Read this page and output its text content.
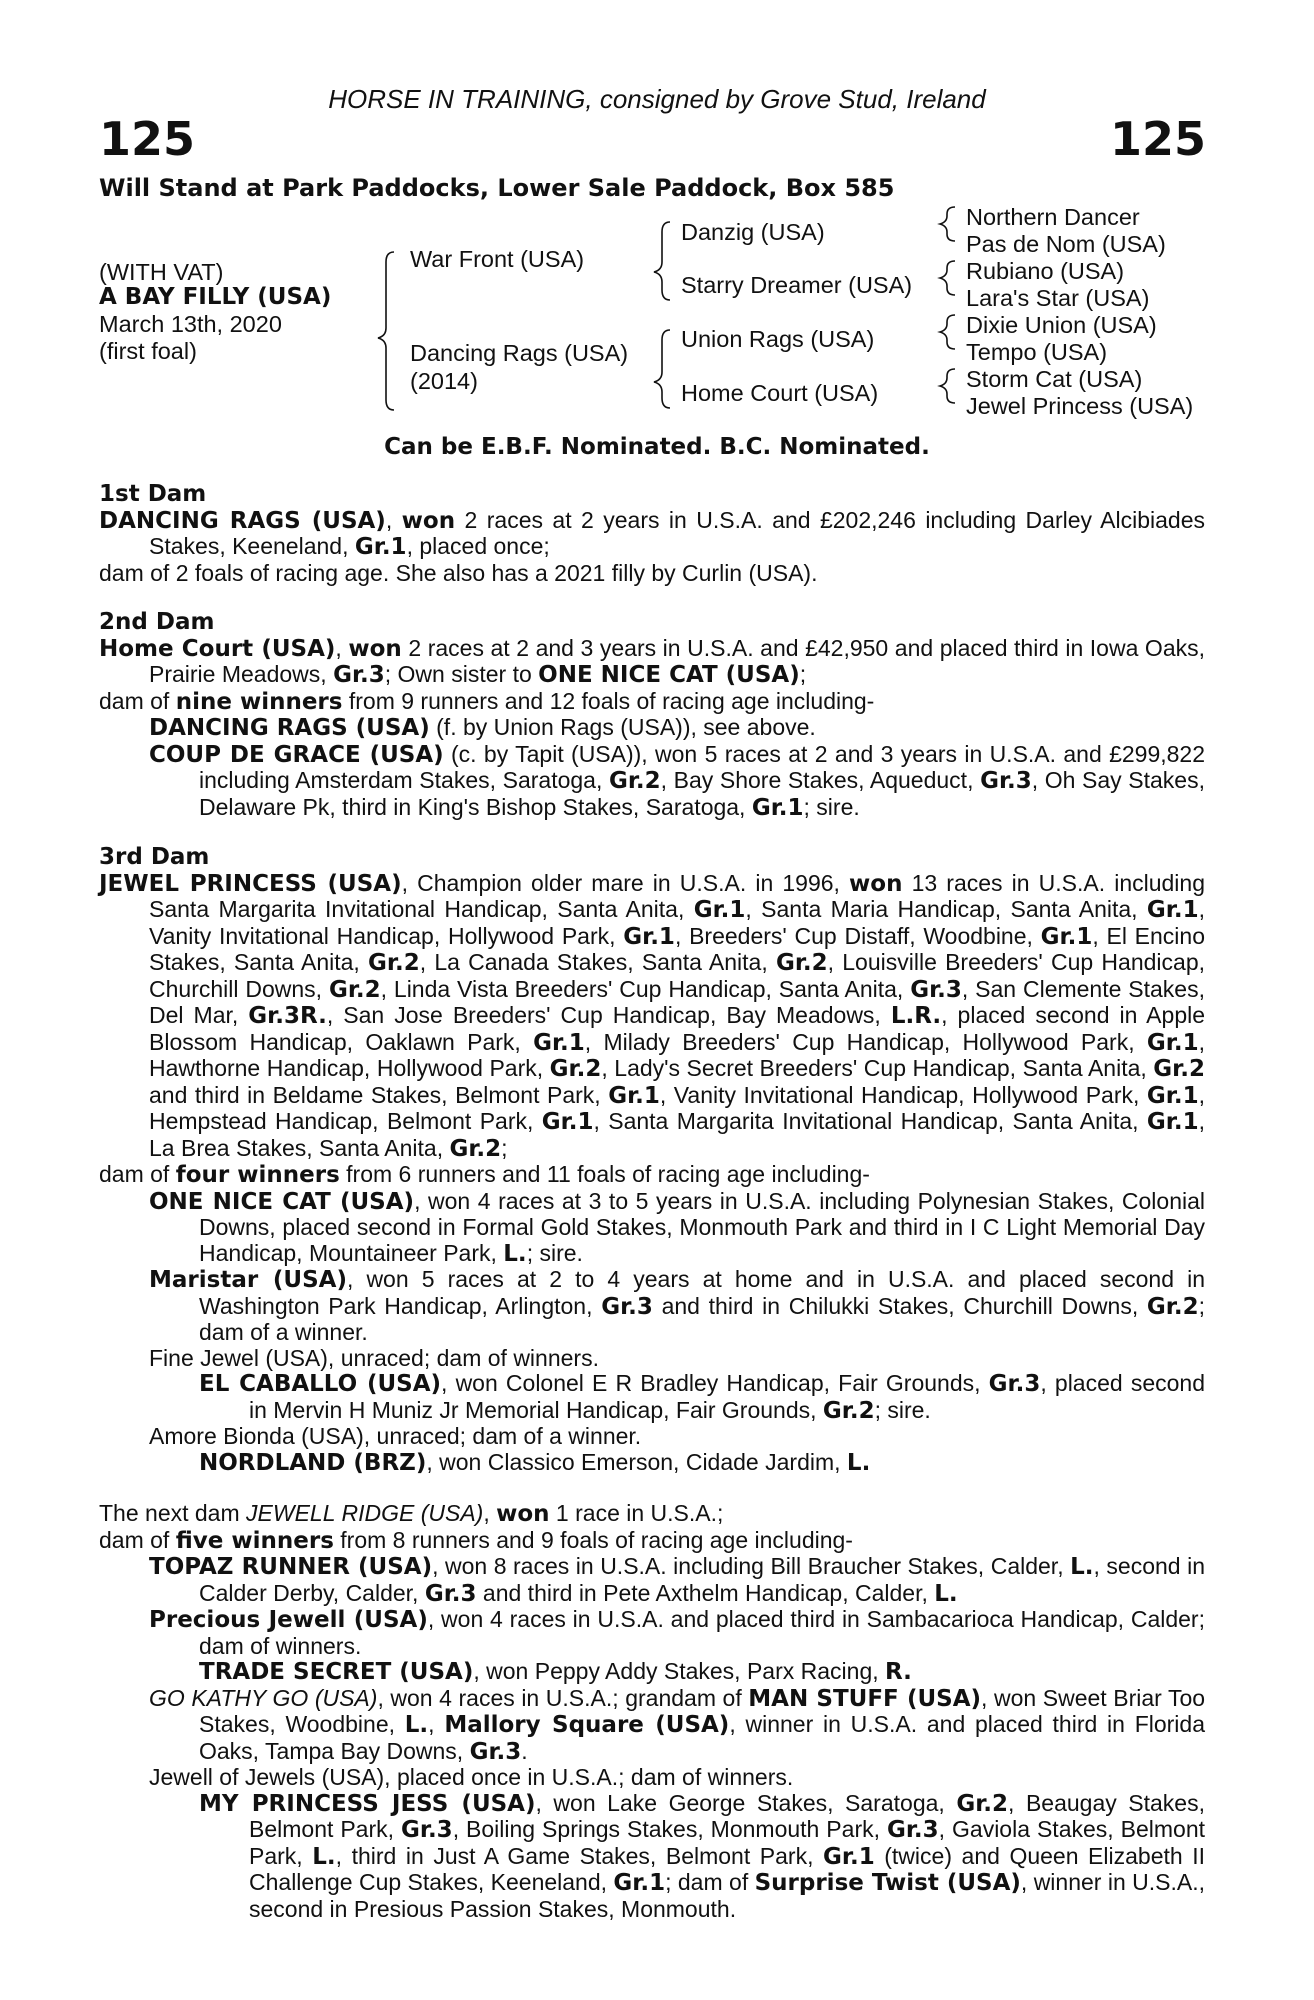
HORSE IN TRAINING, consigned by Grove Stud, Ireland
125	125
Will Stand at Park Paddocks, Lower Sale Paddock, Box 585
(WITH VAT)
A BAY FILLY (USA)
March 13th, 2020
(first foal)
War Front (USA)
Dancing Rags (USA)
(2014)
Danzig (USA)
Starry Dreamer (USA)
Union Rags (USA)
Home Court (USA)
Northern Dancer
Pas de Nom (USA)
Rubiano (USA)
Lara's Star (USA)
Dixie Union (USA)
Tempo (USA)
Storm Cat (USA)
Jewel Princess (USA)
Can be E.B.F. Nominated. B.C. Nominated.
1st Dam
DANCING RAGS (USA), won 2 races at 2 years in U.S.A. and £202,246 including Darley Alcibiades Stakes, Keeneland, Gr.1, placed once;
dam of 2 foals of racing age. She also has a 2021 filly by Curlin (USA).
2nd Dam
Home Court (USA), won 2 races at 2 and 3 years in U.S.A. and £42,950 and placed third in Iowa Oaks, Prairie Meadows, Gr.3; Own sister to ONE NICE CAT (USA);
dam of nine winners from 9 runners and 12 foals of racing age including-
DANCING RAGS (USA) (f. by Union Rags (USA)), see above.
COUP DE GRACE (USA) (c. by Tapit (USA)), won 5 races at 2 and 3 years in U.S.A. and £299,822 including Amsterdam Stakes, Saratoga, Gr.2, Bay Shore Stakes, Aqueduct, Gr.3, Oh Say Stakes, Delaware Pk, third in King's Bishop Stakes, Saratoga, Gr.1; sire.
3rd Dam
JEWEL PRINCESS (USA), Champion older mare in U.S.A. in 1996, won 13 races in U.S.A. including Santa Margarita Invitational Handicap, Santa Anita, Gr.1, Santa Maria Handicap, Santa Anita, Gr.1, Vanity Invitational Handicap, Hollywood Park, Gr.1, Breeders' Cup Distaff, Woodbine, Gr.1, El Encino Stakes, Santa Anita, Gr.2, La Canada Stakes, Santa Anita, Gr.2, Louisville Breeders' Cup Handicap, Churchill Downs, Gr.2, Linda Vista Breeders' Cup Handicap, Santa Anita, Gr.3, San Clemente Stakes, Del Mar, Gr.3R., San Jose Breeders' Cup Handicap, Bay Meadows, L.R., placed second in Apple Blossom Handicap, Oaklawn Park, Gr.1, Milady Breeders' Cup Handicap, Hollywood Park, Gr.1, Hawthorne Handicap, Hollywood Park, Gr.2, Lady's Secret Breeders' Cup Handicap, Santa Anita, Gr.2 and third in Beldame Stakes, Belmont Park, Gr.1, Vanity Invitational Handicap, Hollywood Park, Gr.1, Hempstead Handicap, Belmont Park, Gr.1, Santa Margarita Invitational Handicap, Santa Anita, Gr.1, La Brea Stakes, Santa Anita, Gr.2;
dam of four winners from 6 runners and 11 foals of racing age including-
ONE NICE CAT (USA), won 4 races at 3 to 5 years in U.S.A. including Polynesian Stakes, Colonial Downs, placed second in Formal Gold Stakes, Monmouth Park and third in I C Light Memorial Day Handicap, Mountaineer Park, L.; sire.
Maristar (USA), won 5 races at 2 to 4 years at home and in U.S.A. and placed second in Washington Park Handicap, Arlington, Gr.3 and third in Chilukki Stakes, Churchill Downs, Gr.2; dam of a winner.
Fine Jewel (USA), unraced; dam of winners.
EL CABALLO (USA), won Colonel E R Bradley Handicap, Fair Grounds, Gr.3, placed second in Mervin H Muniz Jr Memorial Handicap, Fair Grounds, Gr.2; sire.
Amore Bionda (USA), unraced; dam of a winner.
NORDLAND (BRZ), won Classico Emerson, Cidade Jardim, L.
The next dam JEWELL RIDGE (USA), won 1 race in U.S.A.;
dam of five winners from 8 runners and 9 foals of racing age including-
TOPAZ RUNNER (USA), won 8 races in U.S.A. including Bill Braucher Stakes, Calder, L., second in Calder Derby, Calder, Gr.3 and third in Pete Axthelm Handicap, Calder, L.
Precious Jewell (USA), won 4 races in U.S.A. and placed third in Sambacarioca Handicap, Calder; dam of winners.
TRADE SECRET (USA), won Peppy Addy Stakes, Parx Racing, R.
GO KATHY GO (USA), won 4 races in U.S.A.; grandam of MAN STUFF (USA), won Sweet Briar Too Stakes, Woodbine, L., Mallory Square (USA), winner in U.S.A. and placed third in Florida Oaks, Tampa Bay Downs, Gr.3.
Jewell of Jewels (USA), placed once in U.S.A.; dam of winners.
MY PRINCESS JESS (USA), won Lake George Stakes, Saratoga, Gr.2, Beaugay Stakes, Belmont Park, Gr.3, Boiling Springs Stakes, Monmouth Park, Gr.3, Gaviola Stakes, Belmont Park, L., third in Just A Game Stakes, Belmont Park, Gr.1 (twice) and Queen Elizabeth II Challenge Cup Stakes, Keeneland, Gr.1; dam of Surprise Twist (USA), winner in U.S.A., second in Presious Passion Stakes, Monmouth.
